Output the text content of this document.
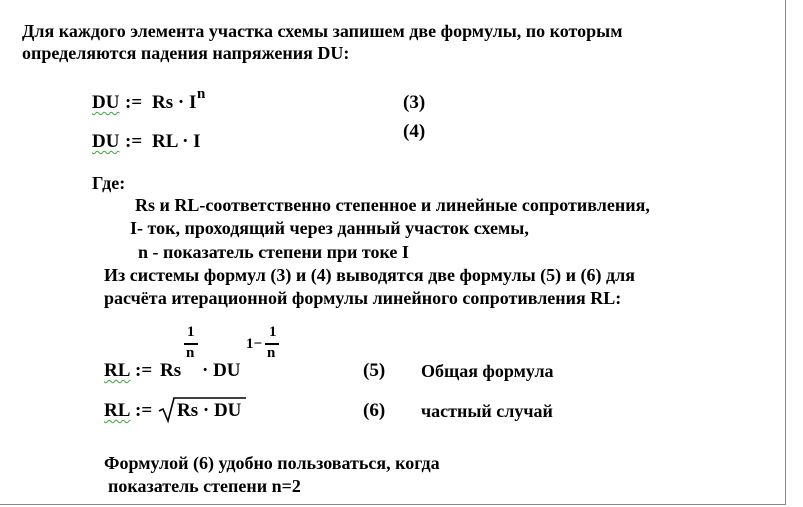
Для каждого элемента участка схемы запишем две формулы, по которым
определяются падения напряжения DU:
DU := Rs · I n	(3)
DU := RL · I	(4)
Где:
Rs и RL-соответственно степенное и линейные сопротивления,
I- ток, проходящий через данный участок схемы,
n - показатель степени при токе I
Из системы формул (3) и (4) выводятся две формулы (5) и (6) для
расчёта итерационной формулы линейного сопротивления RL:
RL := Rs
1
n
· DU
1−
1
n
(5) Общая формула
RL := Rs · DU	(6) частный случай
Формулой (6) удобно пользоваться, когда
показатель степени n=2
